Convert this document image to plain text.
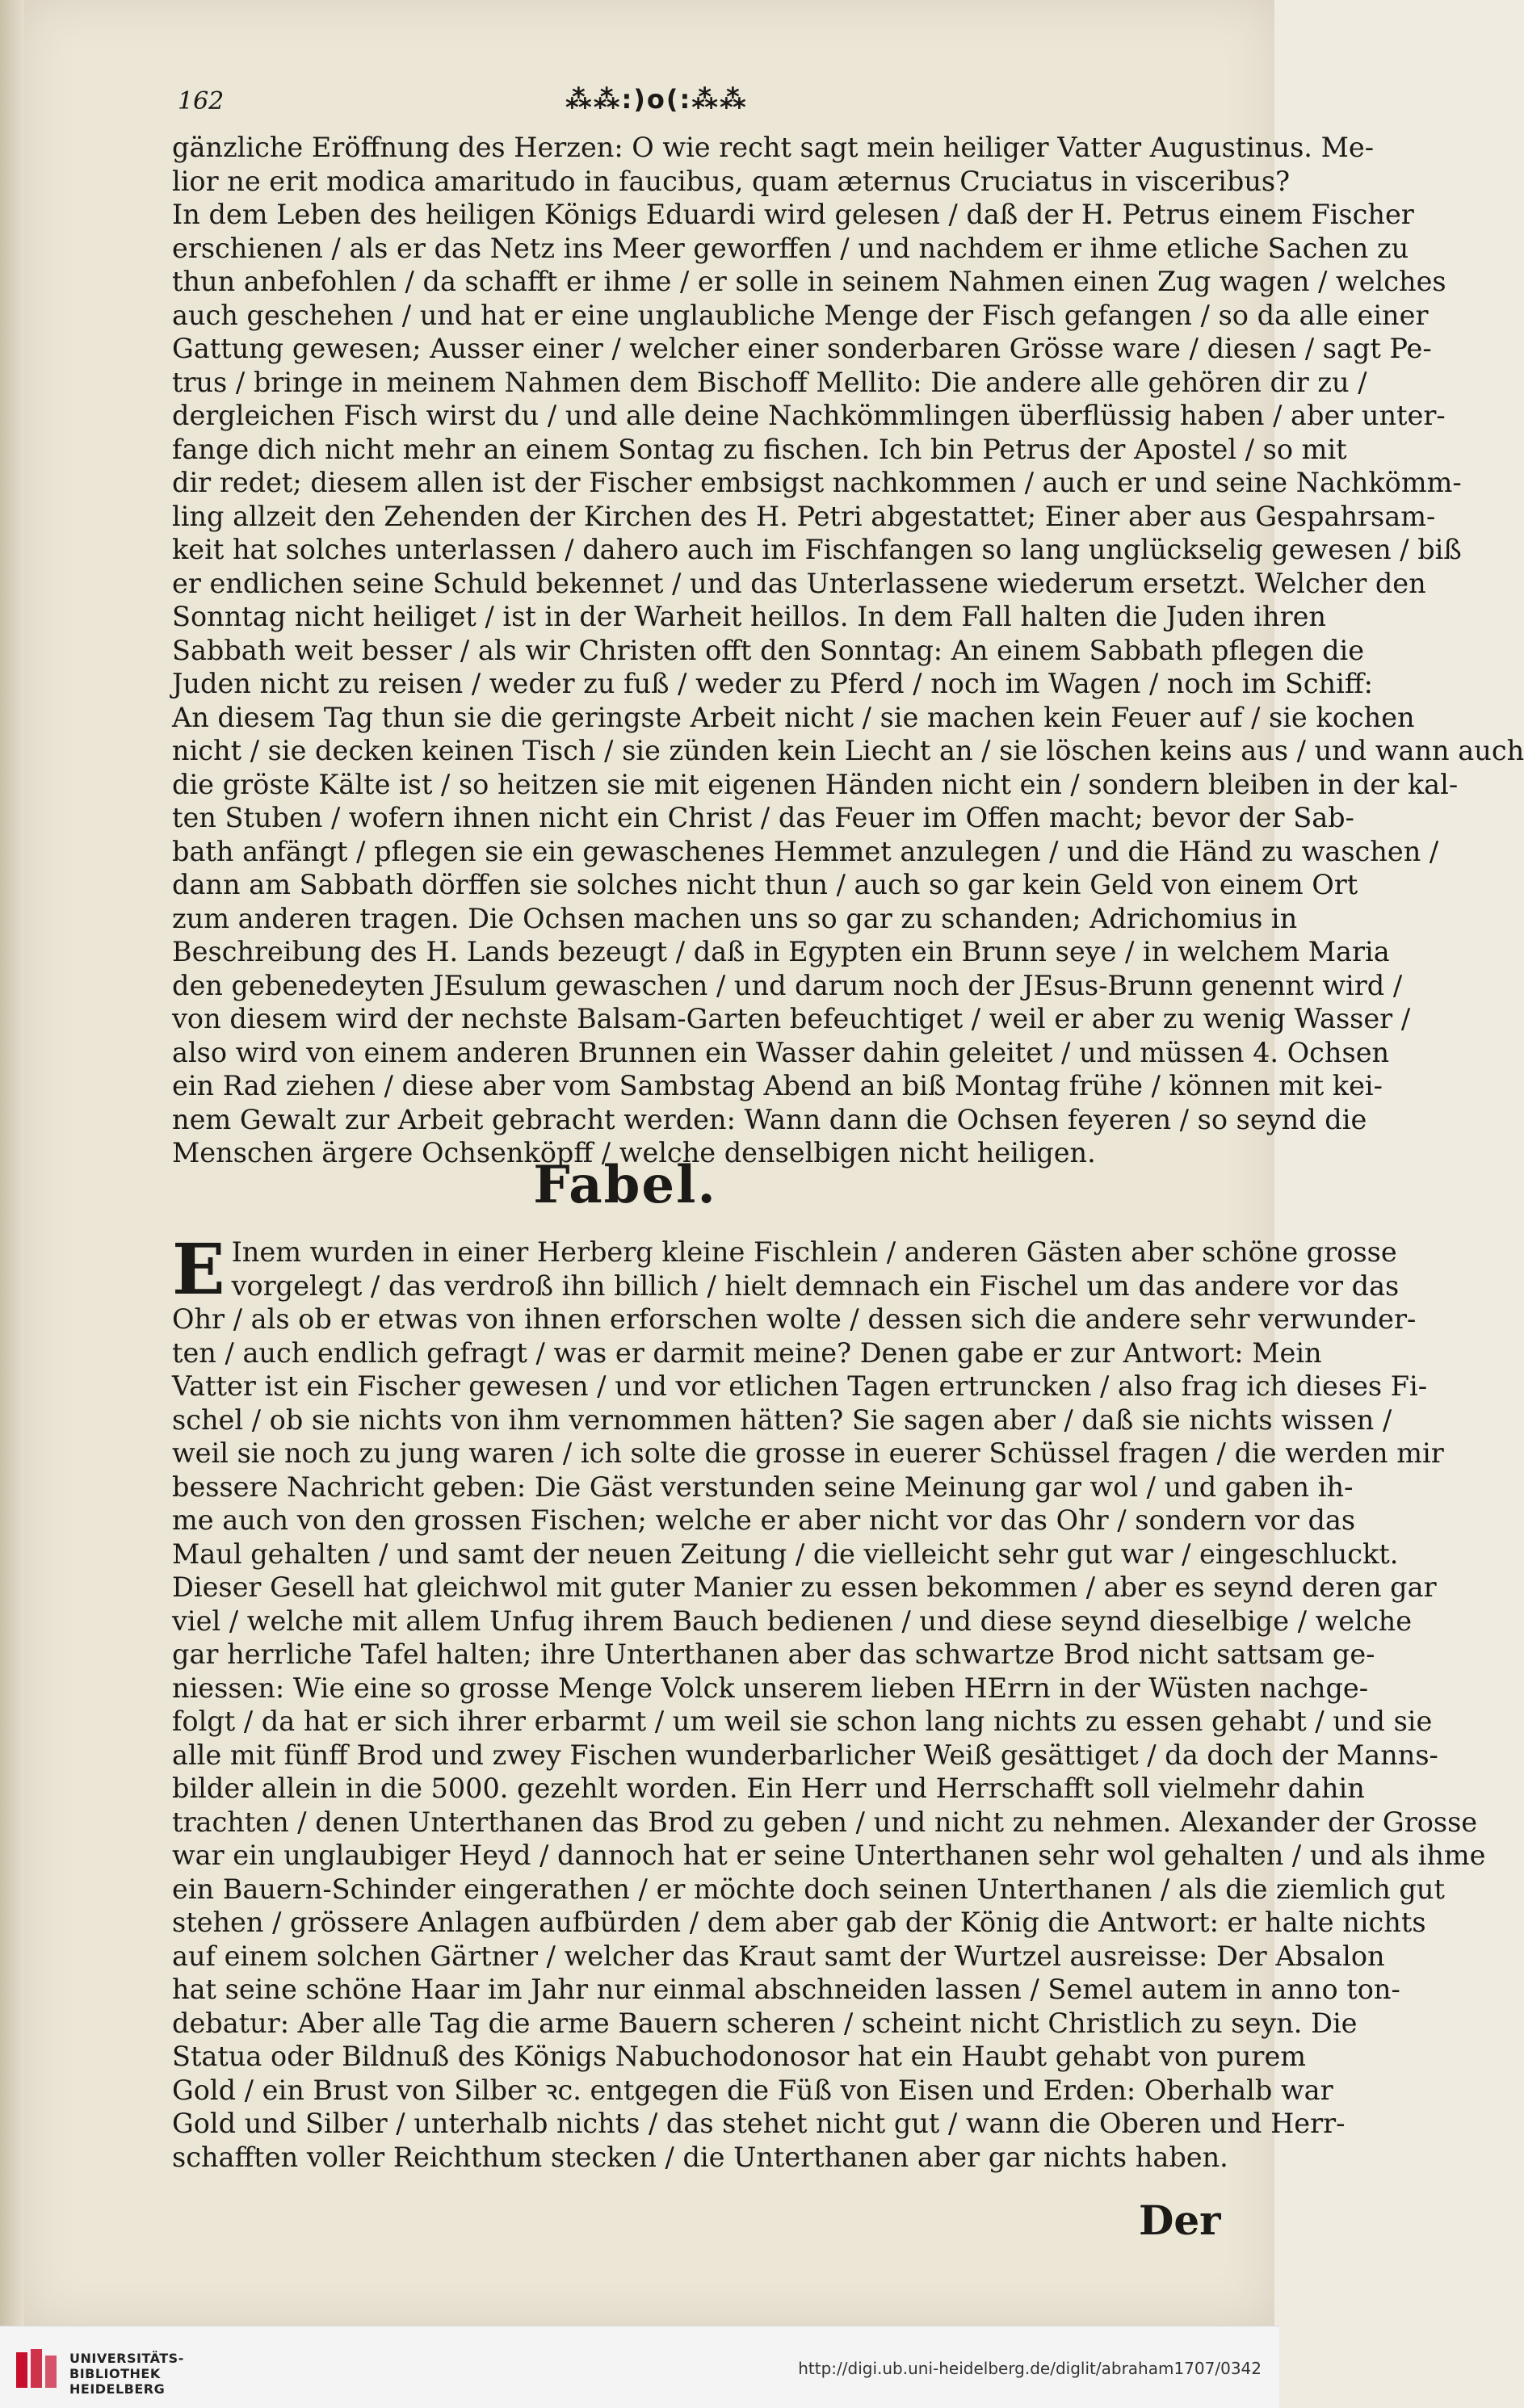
162	⁂⁂:)o(:⁂⁂
gänzliche Eröffnung des Herzen: O wie recht sagt mein heiliger Vatter Augustinus. Me-
lior ne erit modica amaritudo in faucibus, quam æternus Cruciatus in visceribus?
In dem Leben des heiligen Königs Eduardi wird gelesen / daß der H. Petrus einem Fischer
erschienen / als er das Netz ins Meer geworffen / und nachdem er ihme etliche Sachen zu
thun anbefohlen / da schafft er ihme / er solle in seinem Nahmen einen Zug wagen / welches
auch geschehen / und hat er eine unglaubliche Menge der Fisch gefangen / so da alle einer
Gattung gewesen; Ausser einer / welcher einer sonderbaren Grösse ware / diesen / sagt Pe-
trus / bringe in meinem Nahmen dem Bischoff Mellito: Die andere alle gehören dir zu /
dergleichen Fisch wirst du / und alle deine Nachkömmlingen überflüssig haben / aber unter-
fange dich nicht mehr an einem Sontag zu fischen. Ich bin Petrus der Apostel / so mit
dir redet; diesem allen ist der Fischer embsigst nachkommen / auch er und seine Nachkömm-
ling allzeit den Zehenden der Kirchen des H. Petri abgestattet; Einer aber aus Gespahrsam-
keit hat solches unterlassen / dahero auch im Fischfangen so lang unglückselig gewesen / biß
er endlichen seine Schuld bekennet / und das Unterlassene wiederum ersetzt. Welcher den
Sonntag nicht heiliget / ist in der Warheit heillos. In dem Fall halten die Juden ihren
Sabbath weit besser / als wir Christen offt den Sonntag: An einem Sabbath pflegen die
Juden nicht zu reisen / weder zu fuß / weder zu Pferd / noch im Wagen / noch im Schiff:
An diesem Tag thun sie die geringste Arbeit nicht / sie machen kein Feuer auf / sie kochen
nicht / sie decken keinen Tisch / sie zünden kein Liecht an / sie löschen keins aus / und wann auch
die gröste Kälte ist / so heitzen sie mit eigenen Händen nicht ein / sondern bleiben in der kal-
ten Stuben / wofern ihnen nicht ein Christ / das Feuer im Offen macht; bevor der Sab-
bath anfängt / pflegen sie ein gewaschenes Hemmet anzulegen / und die Händ zu waschen /
dann am Sabbath dörffen sie solches nicht thun / auch so gar kein Geld von einem Ort
zum anderen tragen. Die Ochsen machen uns so gar zu schanden; Adrichomius in
Beschreibung des H. Lands bezeugt / daß in Egypten ein Brunn seye / in welchem Maria
den gebenedeyten JEsulum gewaschen / und darum noch der JEsus-Brunn genennt wird /
von diesem wird der nechste Balsam-Garten befeuchtiget / weil er aber zu wenig Wasser /
also wird von einem anderen Brunnen ein Wasser dahin geleitet / und müssen 4. Ochsen
ein Rad ziehen / diese aber vom Sambstag Abend an biß Montag frühe / können mit kei-
nem Gewalt zur Arbeit gebracht werden: Wann dann die Ochsen feyeren / so seynd die
Menschen ärgere Ochsenköpff / welche denselbigen nicht heiligen.
Fabel.
E Inem wurden in einer Herberg kleine Fischlein / anderen Gästen aber schöne grosse
vorgelegt / das verdroß ihn billich / hielt demnach ein Fischel um das andere vor das
Ohr / als ob er etwas von ihnen erforschen wolte / dessen sich die andere sehr verwunder-
ten / auch endlich gefragt / was er darmit meine? Denen gabe er zur Antwort: Mein
Vatter ist ein Fischer gewesen / und vor etlichen Tagen ertruncken / also frag ich dieses Fi-
schel / ob sie nichts von ihm vernommen hätten? Sie sagen aber / daß sie nichts wissen /
weil sie noch zu jung waren / ich solte die grosse in euerer Schüssel fragen / die werden mir
bessere Nachricht geben: Die Gäst verstunden seine Meinung gar wol / und gaben ih-
me auch von den grossen Fischen; welche er aber nicht vor das Ohr / sondern vor das
Maul gehalten / und samt der neuen Zeitung / die vielleicht sehr gut war / eingeschluckt.
Dieser Gesell hat gleichwol mit guter Manier zu essen bekommen / aber es seynd deren gar
viel / welche mit allem Unfug ihrem Bauch bedienen / und diese seynd dieselbige / welche
gar herrliche Tafel halten; ihre Unterthanen aber das schwartze Brod nicht sattsam ge-
niessen: Wie eine so grosse Menge Volck unserem lieben HErrn in der Wüsten nachge-
folgt / da hat er sich ihrer erbarmt / um weil sie schon lang nichts zu essen gehabt / und sie
alle mit fünff Brod und zwey Fischen wunderbarlicher Weiß gesättiget / da doch der Manns-
bilder allein in die 5000. gezehlt worden. Ein Herr und Herrschafft soll vielmehr dahin
trachten / denen Unterthanen das Brod zu geben / und nicht zu nehmen. Alexander der Grosse
war ein unglaubiger Heyd / dannoch hat er seine Unterthanen sehr wol gehalten / und als ihme
ein Bauern-Schinder eingerathen / er möchte doch seinen Unterthanen / als die ziemlich gut
stehen / grössere Anlagen aufbürden / dem aber gab der König die Antwort: er halte nichts
auf einem solchen Gärtner / welcher das Kraut samt der Wurtzel ausreisse: Der Absalon
hat seine schöne Haar im Jahr nur einmal abschneiden lassen / Semel autem in anno ton-
debatur: Aber alle Tag die arme Bauern scheren / scheint nicht Christlich zu seyn. Die
Statua oder Bildnuß des Königs Nabuchodonosor hat ein Haubt gehabt von purem
Gold / ein Brust von Silber ꝛc. entgegen die Füß von Eisen und Erden: Oberhalb war
Gold und Silber / unterhalb nichts / das stehet nicht gut / wann die Oberen und Herr-
schafften voller Reichthum stecken / die Unterthanen aber gar nichts haben.
Der
UNIVERSITÄTS-
BIBLIOTHEK
HEIDELBERG
http://digi.ub.uni-heidelberg.de/diglit/abraham1707/0342
